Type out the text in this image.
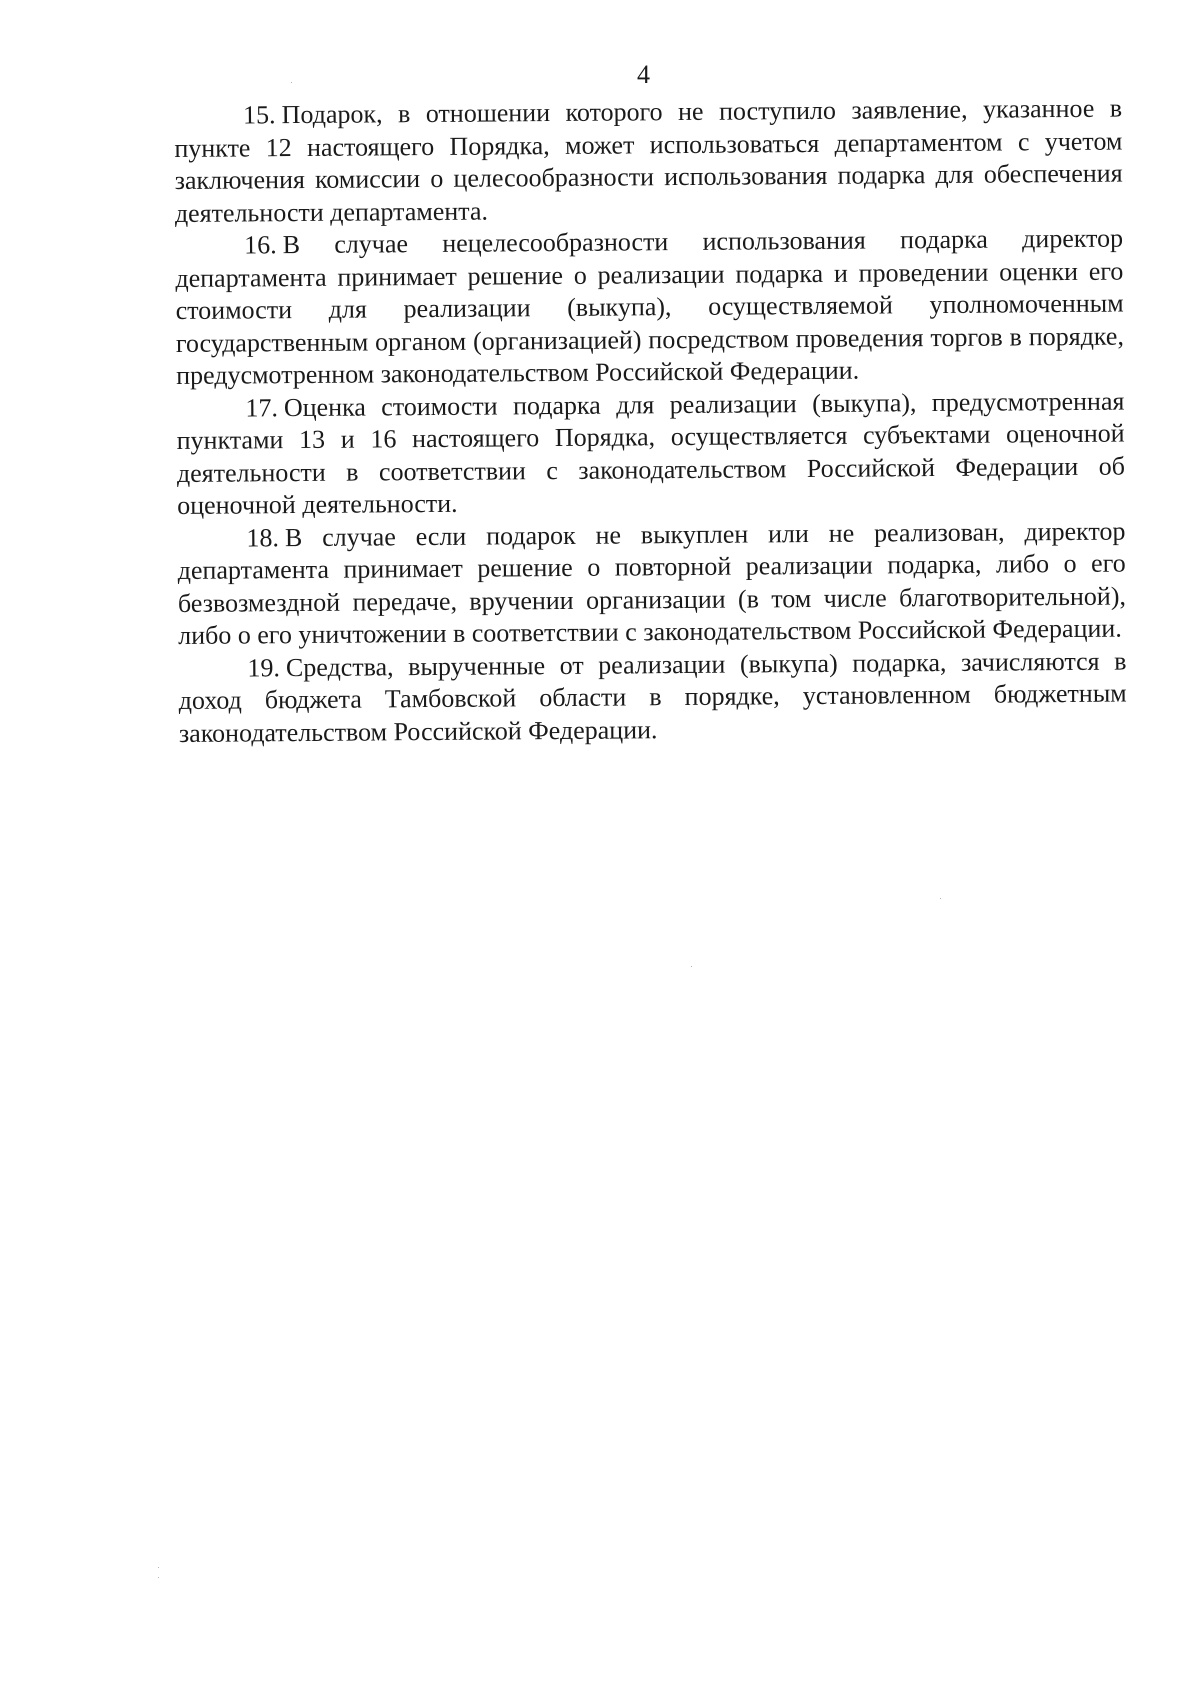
4

15. Подарок, в отношении которого не поступило заявление, указанное в пункте 12 настоящего Порядка, может использоваться департаментом с учетом заключения комиссии о целесообразности использования подарка для обеспечения деятельности департамента.

16. В случае нецелесообразности использования подарка директор департамента принимает решение о реализации подарка и проведении оценки его стоимости для реализации (выкупа), осуществляемой уполномоченным государственным органом (организацией) посредством проведения торгов в порядке, предусмотренном законодательством Российской Федерации.

17. Оценка стоимости подарка для реализации (выкупа), предусмотренная пунктами 13 и 16 настоящего Порядка, осуществляется субъектами оценочной деятельности в соответствии с законодательством Российской Федерации об оценочной деятельности.

18. В случае если подарок не выкуплен или не реализован, директор департамента принимает решение о повторной реализации подарка, либо о его безвозмездной передаче, вручении организации (в том числе благотворительной), либо о его уничтожении в соответствии с законодательством Российской Федерации.

19. Средства, вырученные от реализации (выкупа) подарка, зачисляются в доход бюджета Тамбовской области в порядке, установленном бюджетным законодательством Российской Федерации.
